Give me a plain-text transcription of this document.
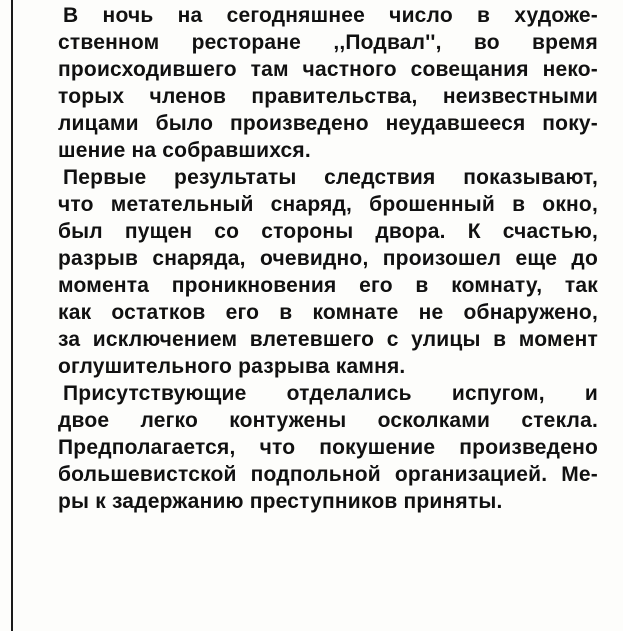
В ночь на сегодняшнее число в художе-
ственном ресторане ,,Подвал'', во время
происходившего там частного совещания неко-
торых членов правительства, неизвестными
лицами было произведено неудавшееся поку-
шение на собравшихся.
Первые результаты следствия показывают,
что метательный снаряд, брошенный в окно,
был пущен со стороны двора. К счастью,
разрыв снаряда, очевидно, произошел еще до
момента проникновения его в комнату, так
как остатков его в комнате не обнаружено,
за исключением влетевшего с улицы в момент
оглушительного разрыва камня.
Присутствующие отделались испугом, и
двое легко контужены осколками стекла.
Предполагается, что покушение произведено
большевистской подпольной организацией. Ме-
ры к задержанию преступников приняты.
